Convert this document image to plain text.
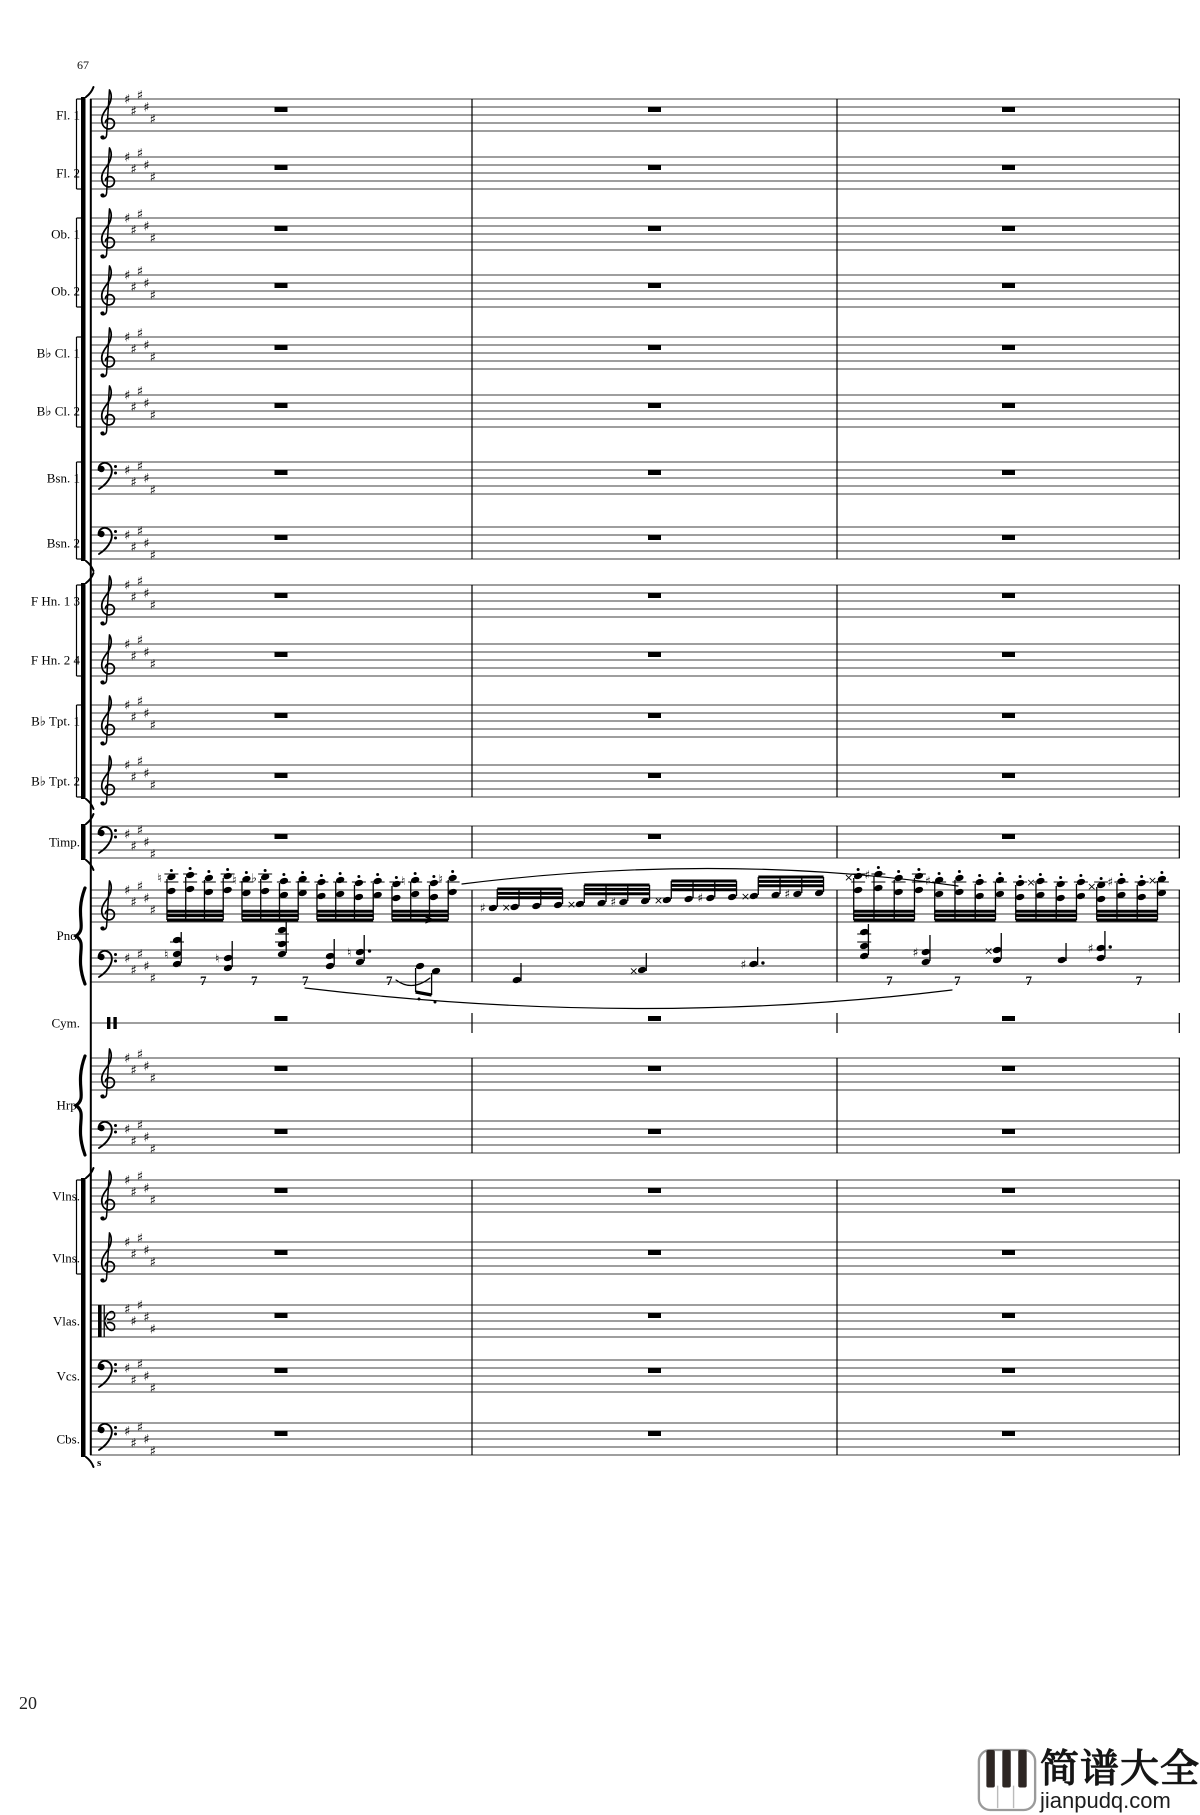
67
Fl. 1
♯
♯
♯
♯
♯
Fl. 2
♯
♯
♯
♯
♯
Ob. 1
♯
♯
♯
♯
♯
Ob. 2
♯
♯
♯
♯
♯
B♭ Cl. 1
♯
♯
♯
♯
♯
B♭ Cl. 2
♯
♯
♯
♯
♯
Bsn. 1	♯
♯
♯
♯
♯
Bsn. 2	♯
♯
♯
♯
♯
F Hn. 1 3
♯
♯
♯
♯
♯
F Hn. 2 4
♯
♯
♯
♯
♯
B♭ Tpt. 1
♯
♯
♯
♯
♯
B♭ Tpt. 2
♯
♯
♯
♯
♯
Timp.	♯
♯
♯
♯
♯
Pno.
♯
♯
♯
♯
♯
♯
♯
♯
♯
♯
Cym.
Hrp.
♯
♯
♯
♯
♯
♯
♯
♯
♯
♯
Vlns.
♯
♯
♯
♯
♯
Vlns.
♯
♯
♯
♯
♯
Vlas.
♯
♯
♯
♯
♯
Vcs.	♯
♯
♯
♯
♯
Cbs.	♯
♯
♯
♯
♯
♮	♮ ♭	♮	♮
♯ ×	×	♯	×	♯	×	♯
× ♯	♯	×	× ♯	×
♮
7
♮
7	7
♮
7
×	♯
7
♯
7
×
7
♯
7
>
s
20
简谱大全
jianpudq.com
